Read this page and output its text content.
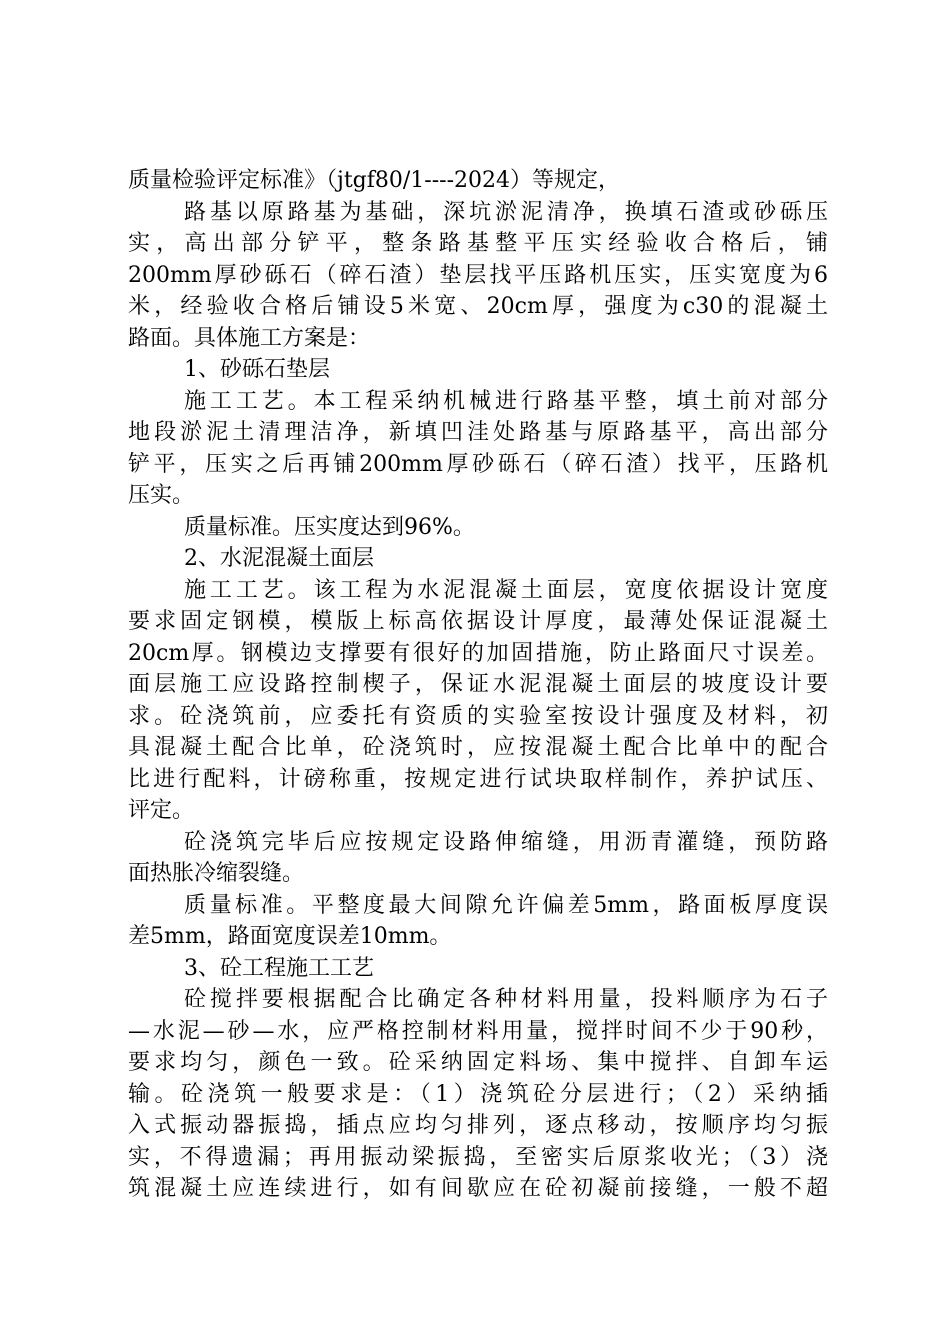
质量检验评定标准》（jtgf80/1----2024）等规定，
路基以原路基为基础，深坑淤泥清净，换填石渣或砂砾压
实，高出部分铲平，整条路基整平压实经验收合格后，铺
200mm厚砂砾石（碎石渣）垫层找平压路机压实，压实宽度为6
米，经验收合格后铺设5米宽、20cm厚，强度为c30的混凝土
路面。具体施工方案是：
1、砂砾石垫层
施工工艺。本工程采纳机械进行路基平整，填土前对部分
地段淤泥土清理洁净，新填凹洼处路基与原路基平，高出部分
铲平，压实之后再铺200mm厚砂砾石（碎石渣）找平，压路机
压实。
质量标准。压实度达到96%。
2、水泥混凝土面层
施工工艺。该工程为水泥混凝土面层，宽度依据设计宽度
要求固定钢模，模版上标高依据设计厚度，最薄处保证混凝土
20cm厚。钢模边支撑要有很好的加固措施，防止路面尺寸误差。
面层施工应设路控制楔子，保证水泥混凝土面层的坡度设计要
求。砼浇筑前，应委托有资质的实验室按设计强度及材料，初
具混凝土配合比单，砼浇筑时，应按混凝土配合比单中的配合
比进行配料，计磅称重，按规定进行试块取样制作，养护试压、
评定。
砼浇筑完毕后应按规定设路伸缩缝，用沥青灌缝，预防路
面热胀冷缩裂缝。
质量标准。平整度最大间隙允许偏差5mm，路面板厚度误
差5mm，路面宽度误差10mm。
3、砼工程施工工艺
砼搅拌要根据配合比确定各种材料用量，投料顺序为石子
—水泥—砂—水，应严格控制材料用量，搅拌时间不少于90秒，
要求均匀，颜色一致。砼采纳固定料场、集中搅拌、自卸车运
输。砼浇筑一般要求是：（1）浇筑砼分层进行；（2）采纳插
入式振动器振捣，插点应均匀排列，逐点移动，按顺序均匀振
实，不得遗漏；再用振动梁振捣，至密实后原浆收光；（3）浇
筑混凝土应连续进行，如有间歇应在砼初凝前接缝，一般不超
